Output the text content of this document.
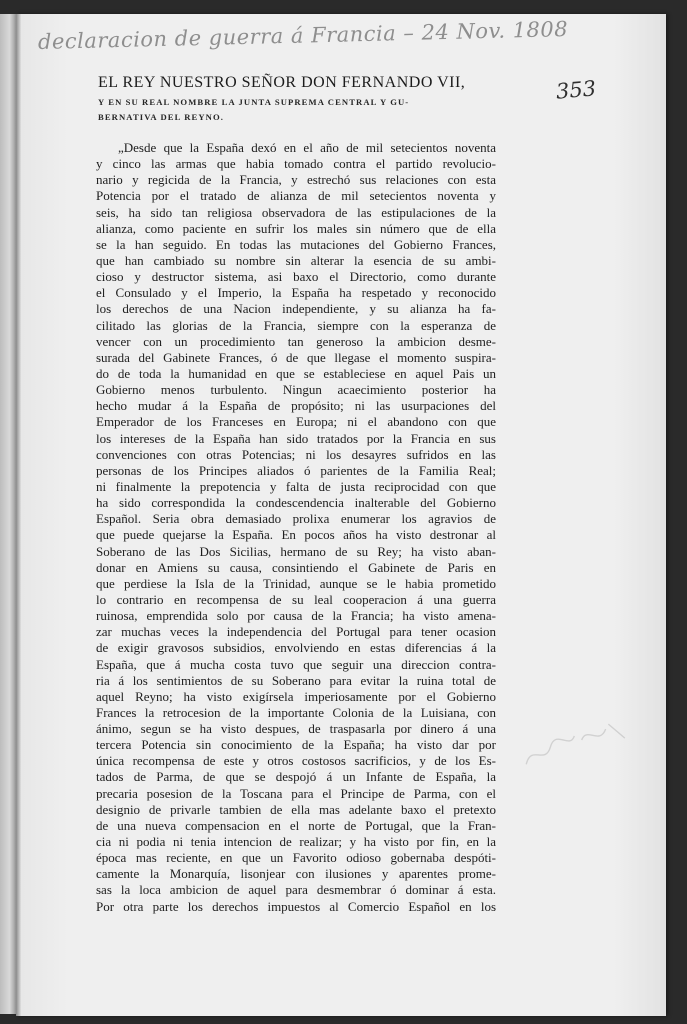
declaracion de guerra á Francia – 24 Nov. 1808
353
EL REY NUESTRO SEÑOR DON FERNANDO VII,
Y EN SU REAL NOMBRE LA JUNTA SUPREMA CENTRAL Y GU-
BERNATIVA DEL REYNO.
„Desde que la España dexó en el año de mil setecientos noventa
y cinco las armas que habia tomado contra el partido revolucio-
nario y regicida de la Francia, y estrechó sus relaciones con esta
Potencia por el tratado de alianza de mil setecientos noventa y
seis, ha sido tan religiosa observadora de las estipulaciones de la
alianza, como paciente en sufrir los males sin número que de ella
se la han seguido. En todas las mutaciones del Gobierno Frances,
que han cambiado su nombre sin alterar la esencia de su ambi-
cioso y destructor sistema, asi baxo el Directorio, como durante
el Consulado y el Imperio, la España ha respetado y reconocido
los derechos de una Nacion independiente, y su alianza ha fa-
cilitado las glorias de la Francia, siempre con la esperanza de
vencer con un procedimiento tan generoso la ambicion desme-
surada del Gabinete Frances, ó de que llegase el momento suspira-
do de toda la humanidad en que se estableciese en aquel Pais un
Gobierno menos turbulento. Ningun acaecimiento posterior ha
hecho mudar á la España de propósito; ni las usurpaciones del
Emperador de los Franceses en Europa; ni el abandono con que
los intereses de la España han sido tratados por la Francia en sus
convenciones con otras Potencias; ni los desayres sufridos en las
personas de los Principes aliados ó parientes de la Familia Real;
ni finalmente la prepotencia y falta de justa reciprocidad con que
ha sido correspondida la condescendencia inalterable del Gobierno
Español. Seria obra demasiado prolixa enumerar los agravios de
que puede quejarse la España. En pocos años ha visto destronar al
Soberano de las Dos Sicilias, hermano de su Rey; ha visto aban-
donar en Amiens su causa, consintiendo el Gabinete de Paris en
que perdiese la Isla de la Trinidad, aunque se le habia prometido
lo contrario en recompensa de su leal cooperacion á una guerra
ruinosa, emprendida solo por causa de la Francia; ha visto amena-
zar muchas veces la independencia del Portugal para tener ocasion
de exigir gravosos subsidios, envolviendo en estas diferencias á la
España, que á mucha costa tuvo que seguir una direccion contra-
ria á los sentimientos de su Soberano para evitar la ruina total de
aquel Reyno; ha visto exigírsela imperiosamente por el Gobierno
Frances la retrocesion de la importante Colonia de la Luisiana, con
ánimo, segun se ha visto despues, de traspasarla por dinero á una
tercera Potencia sin conocimiento de la España; ha visto dar por
única recompensa de este y otros costosos sacrificios, y de los Es-
tados de Parma, de que se despojó á un Infante de España, la
precaria posesion de la Toscana para el Principe de Parma, con el
designio de privarle tambien de ella mas adelante baxo el pretexto
de una nueva compensacion en el norte de Portugal, que la Fran-
cia ni podia ni tenia intencion de realizar; y ha visto por fin, en la
época mas reciente, en que un Favorito odioso gobernaba despóti-
camente la Monarquía, lisonjear con ilusiones y aparentes prome-
sas la loca ambicion de aquel para desmembrar ó dominar á esta.
Por otra parte los derechos impuestos al Comercio Español en los
